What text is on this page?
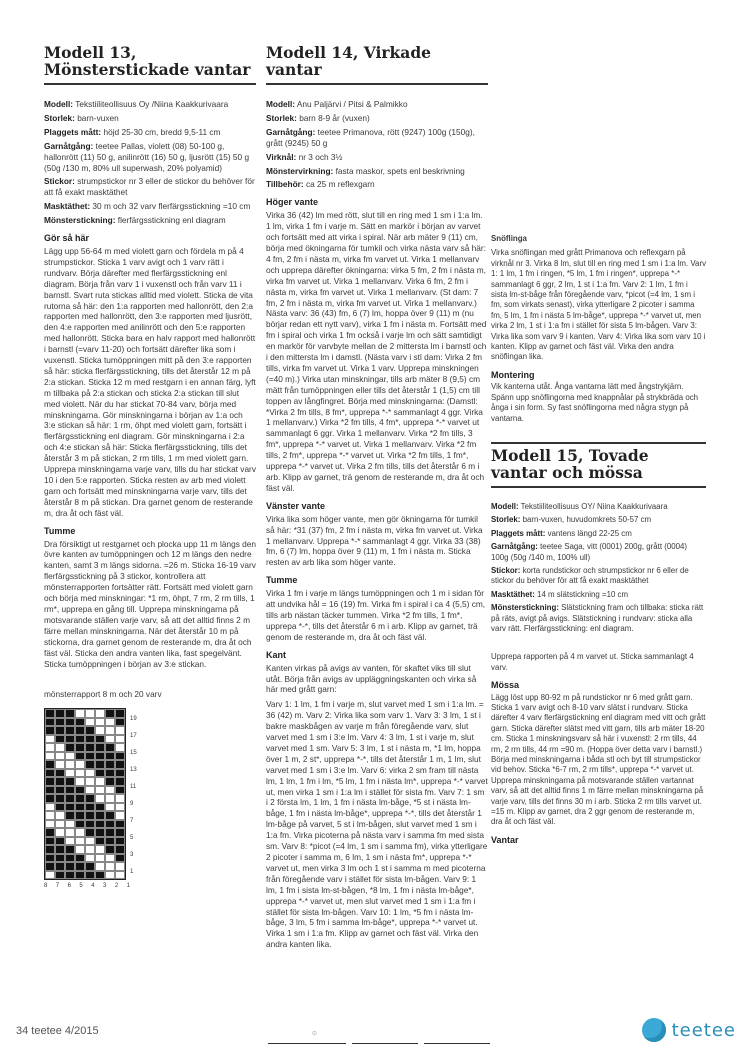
Modell 13, Mönsterstickade vantar

Modell: Tekstiiliteollisuus Oy /Niina Kaakkurivaara

Storlek: barn-vuxen

Plaggets mått: höjd 25-30 cm, bredd 9,5-11 cm

Garnåtgång: teetee Pallas, violett (08) 50-100 g, hallonrött (11) 50 g, anilinrött (16) 50 g, ljusrött (15) 50 g (50g /130 m, 80% ull superwash, 20% polyamid)

Stickor: strumpstickor nr 3 eller de stickor du behöver för att få exakt masktäthet

Masktäthet: 30 m och 32 varv flerfärgsstickning =10 cm

Mönsterstickning: flerfärgsstickning enl diagram

Gör så här

Lägg upp 56-64 m med violett garn och fördela m på 4 strumpstickor. Sticka 1 varv avigt och 1 varv rätt i rundvarv. Börja därefter med flerfärgsstickning enl diagram. Börja från varv 1 i vuxenstl och från varv 11 i barnstl. Svart ruta stickas alltid med violett. Sticka de vita rutorna så här: den 1:a rapporten med hallonrött, den 2:a rapporten med hallonrött, den 3:e rapporten med ljusrött, den 4:e rapporten med anilinrött och den 5:e rapporten med hallonrött. Sticka bara en halv rapport med hallonrött i barnstl (=varv 11-20) och fortsätt därefter lika som i vuxenstl. Sticka tumöppningen mitt på den 3:e rapporten så här: sticka flerfärgsstickning, tills det återstår 12 m på 2:a stickan. Sticka 12 m med restgarn i en annan färg, lyft m tillbaka på 2:a stickan och sticka 2:a stickan till slut med violett. När du har stickat 70-84 varv, börja med minskningarna. Gör minskningarna i början av 1:a och 3:e stickan så här: 1 rm, öhpt med violett garn, fortsätt i flerfärgsstickning enl diagram. Gör minskningarna i 2:a och 4:e stickan så här: Sticka flerfärgsstickning, tills det återstår 3 m på stickan, 2 rm tills, 1 rm med violett garn. Upprepa minskningarna varje varv, tills du har stickat varv 10 i den 5:e rapporten. Sticka resten av arb med violett garn och fortsätt med minskningarna varje varv, tills det återstår 8 m på stickan. Dra garnet genom de resterande m, dra åt och fäst väl.

Tumme

Dra försiktigt ut restgarnet och plocka upp 11 m längs den övre kanten av tumöppningen och 12 m längs den nedre kanten, samt 3 m längs sidorna. =26 m. Sticka 16-19 varv flerfärgsstickning på 3 stickor, kontrollera att mönsterrapporten fortsätter rätt. Fortsätt med violett garn och börja med minskningar: *1 rm, öhpt, 7 rm, 2 rm tills, 1 rm*, upprepa en gång till. Upprepa minskningarna på motsvarande ställen varje varv, så att det alltid finns 2 m färre mellan minskningarna. När det återstår 10 m på stickorna, dra garnet genom de resterande m, dra åt och fäst väl. Sticka den andra vanten lika, fast spegelvänt. Sticka tumöppningen i början av 3:e stickan.

mönsterrapport 8 m och 20 varv
19
17
15
13
11
9
7
5
3
1
8 7 6 5 4 3 2 1
Modell 14, Virkade vantar

Modell: Anu Paljärvi / Pitsi & Palmikko

Storlek: barn 8-9 år (vuxen)

Garnåtgång: teetee Primanova, rött (9247) 100g (150g), grått (9245) 50 g

Virknål: nr 3 och 3½

Mönstervirkning: fasta maskor, spets enl beskrivning

Tillbehör: ca 25 m reflexgarn

Höger vante

Virka 36 (42) lm med rött, slut till en ring med 1 sm i 1:a lm. 1 lm, virka 1 fm i varje m. Sätt en markör i början av varvet och fortsätt med att virka i spiral. När arb mäter 9 (11) cm, börja med ökningarna för tumkil och virka nästa varv så här: 4 fm, 2 fm i nästa m, virka fm varvet ut. Virka 1 mellanvarv och upprepa därefter ökningarna: virka 5 fm, 2 fm i nästa m, virka fm varvet ut. Virka 1 mellanvarv. Virka 6 fm, 2 fm i nästa m, virka fm varvet ut. Virka 1 mellanvarv. (St dam: 7 fm, 2 fm i nästa m, virka fm varvet ut. Virka 1 mellanvarv.) Nästa varv: 36 (43) fm, 6 (7) lm, hoppa över 9 (11) m (nu börjar redan ett nytt varv), virka 1 fm i nästa m. Fortsätt med fm i spiral och virka 1 fm också i varje lm och sätt samtidigt en markör för varvbyte mellan de 2 mittersta lm i barnstl och i den mittersta lm i damstl. (Nästa varv i stl dam: Virka 2 fm tills, virka fm varvet ut. Virka 1 varv. Upprepa minskningen (=40 m).) Virka utan minskningar, tills arb mäter 8 (9,5) cm mätt från tumöppningen eller tills det återstår 1 (1,5) cm till toppen av långfingret. Börja med minskningarna: (Damstl: *Virka 2 fm tills, 8 fm*, upprepa *-* sammanlagt 4 ggr. Virka 1 mellanvarv.) Virka *2 fm tills, 4 fm*, upprepa *-* varvet ut sammanlagt 6 ggr. Virka 1 mellanvarv. Virka *2 fm tills, 3 fm*, upprepa *-* varvet ut. Virka 1 mellanvarv. Virka *2 fm tills, 2 fm*, upprepa *-* varvet ut. Virka *2 fm tills, 1 fm*, upprepa *-* varvet ut. Virka 2 fm tills, tills det återstår 6 m i arb. Klipp av garnet, trä genom de resterande m, dra åt och fäst väl.

Vänster vante

Virka lika som höger vante, men gör ökningarna för tumkil så här: *31 (37) fm, 2 fm i nästa m, virka fm varvet ut. Virka 1 mellanvarv. Upprepa *-* sammanlagt 4 ggr. Virka 33 (38) fm, 6 (7) lm, hoppa över 9 (11) m, 1 fm i nästa m. Sticka resten av arb lika som höger vante.

Tumme

Virka 1 fm i varje m längs tumöppningen och 1 m i sidan för att undvika hål = 16 (19) fm. Virka fm i spiral i ca 4 (5,5) cm, tills arb nästan täcker tummen. Virka *2 fm tills, 1 fm*, upprepa *-*, tills det återstår 6 m i arb. Klipp av garnet, trä genom de resterande m, dra åt och fäst väl.

Kant

Kanten virkas på avigs av vanten, för skaftet viks till slut utåt. Börja från avigs av uppläggningskanten och virka så här med grått garn:

Varv 1: 1 lm, 1 fm i varje m, slut varvet med 1 sm i 1:a lm. = 36 (42) m. Varv 2: Virka lika som varv 1. Varv 3: 3 lm, 1 st i bakre maskbågen av varje m från föregående varv, slut varvet med 1 sm i 3:e lm. Varv 4: 3 lm, 1 st i varje m, slut varvet med 1 sm. Varv 5: 3 lm, 1 st i nästa m, *1 lm, hoppa över 1 m, 2 st*, upprepa *-*, tills det återstår 1 m, 1 lm, slut varvet med 1 sm i 3:e lm. Varv 6: virka 2 sm fram till nästa lm, 1 lm, 1 fm i lm, *5 lm, 1 fm i nästa lm*, upprepa *-* varvet ut, men virka 1 sm i 1:a lm i stället för sista fm. Varv 7: 1 sm i 2 första lm, 1 lm, 1 fm i nästa lm-båge, *5 st i nästa lm-båge, 1 fm i nästa lm-båge*, upprepa *-*, tills det återstår 1 lm-båge på varvet, 5 st i lm-bågen, slut varvet med 1 sm i 1:a fm. Virka picoterna på nästa varv i samma fm med sista sm. Varv 8: *picot (=4 lm, 1 sm i samma fm), virka ytterligare 2 picoter i samma m, 6 lm, 1 sm i nästa fm*, upprepa *-* varvet ut, men virka 3 lm och 1 st i samma m med picoterna från föregående varv i stället för sista lm-bågen. Varv 9: 1 lm, 1 fm i sista lm-st-bågen, *8 lm, 1 fm i nästa lm-båge*, upprepa *-* varvet ut, men slut varvet med 1 sm i 1:a fm i stället för sista lm-bågen. Varv 10: 1 lm, *5 fm i nästa lm-båge, 3 lm, 5 fm i samma lm-båge*, upprepa *-* varvet ut. Virka 1 sm i 1:a fm. Klipp av garnet och fäst väl. Virka den andra kanten lika.

Snöflinga

Virka snöflingan med grått Primanova och reflexgarn på virknål nr 3. Virka 8 lm, slut till en ring med 1 sm i 1:a lm. Varv 1: 1 lm, 1 fm i ringen, *5 lm, 1 fm i ringen*, upprepa *-* sammanlagt 6 ggr, 2 lm, 1 st i 1:a fm. Varv 2: 1 lm, 1 fm i sista lm-st-båge från föregående varv, *picot (=4 lm, 1 sm i fm, som virkats senast), virka ytterligare 2 picoter i samma fm, 5 lm, 1 fm i nästa 5 lm-båge*, upprepa *-* varvet ut, men virka 2 lm, 1 st i 1:a fm i stället för sista 5 lm-bågen. Varv 3: Virka lika som varv 9 i kanten. Varv 4: Virka lika som varv 10 i kanten. Klipp av garnet och fäst väl. Virka den andra snöflingan lika.

Montering

Vik kanterna utåt. Ånga vantarna lätt med ångstrykjärn. Spänn upp snöflingorna med knappnålar på strykbräda och ånga i sin form. Sy fast snöflingorna med några stygn på vantarna.

Modell 15, Tovade vantar och mössa

Modell: Tekstiiliteollisuus OY/ Niina Kaakkurivaara

Storlek: barn-vuxen, huvudomkrets 50-57 cm

Plaggets mått: vantens längd 22-25 cm

Garnåtgång: teetee Saga, vitt (0001) 200g, grått (0004) 100g (50g /140 m, 100% ull)

Stickor: korta rundstickor och strumpstickor nr 6 eller de stickor du behöver för att få exakt masktäthet

Masktäthet: 14 m slätstickning =10 cm

Mönsterstickning: Slätstickning fram och tillbaka: sticka rätt på räts, avigt på avigs. Slätstickning i rundvarv: sticka alla varv rätt. Flerfärgsstickning: enl diagram.

Upprepa rapporten på 4 m varvet ut. Sticka sammanlagt 4 varv.

Mössa

Lägg löst upp 80-92 m på rundstickor nr 6 med grått garn. Sticka 1 varv avigt och 8-10 varv slätst i rundvarv. Sticka därefter 4 varv flerfärgstickning enl diagram med vitt och grått garn. Sticka därefter slätst med vitt garn, tills arb mäter 18-20 cm. Sticka 1 minskningsvarv så här i vuxenstl: 2 rm tills, 44 rm, 2 rm tills, 44 rm =90 m. (Hoppa över detta varv i barnstl.) Börja med minskningarna i båda stl och byt till strumpstickor vid behov. Sticka *6-7 rm, 2 rm tills*, upprepa *-* varvet ut. Upprepa minskningarna på motsvarande ställen vartannat varv, så att det alltid finns 1 m färre mellan minskningarna på varje varv, tills det finns 30 m i arb. Sticka 2 rm tills varvet ut. =15 m. Klipp av garnet, dra 2 ggr genom de resterande m, dra åt och fäst väl.

Vantar
34 teetee 4/2015	⊙	teetee
